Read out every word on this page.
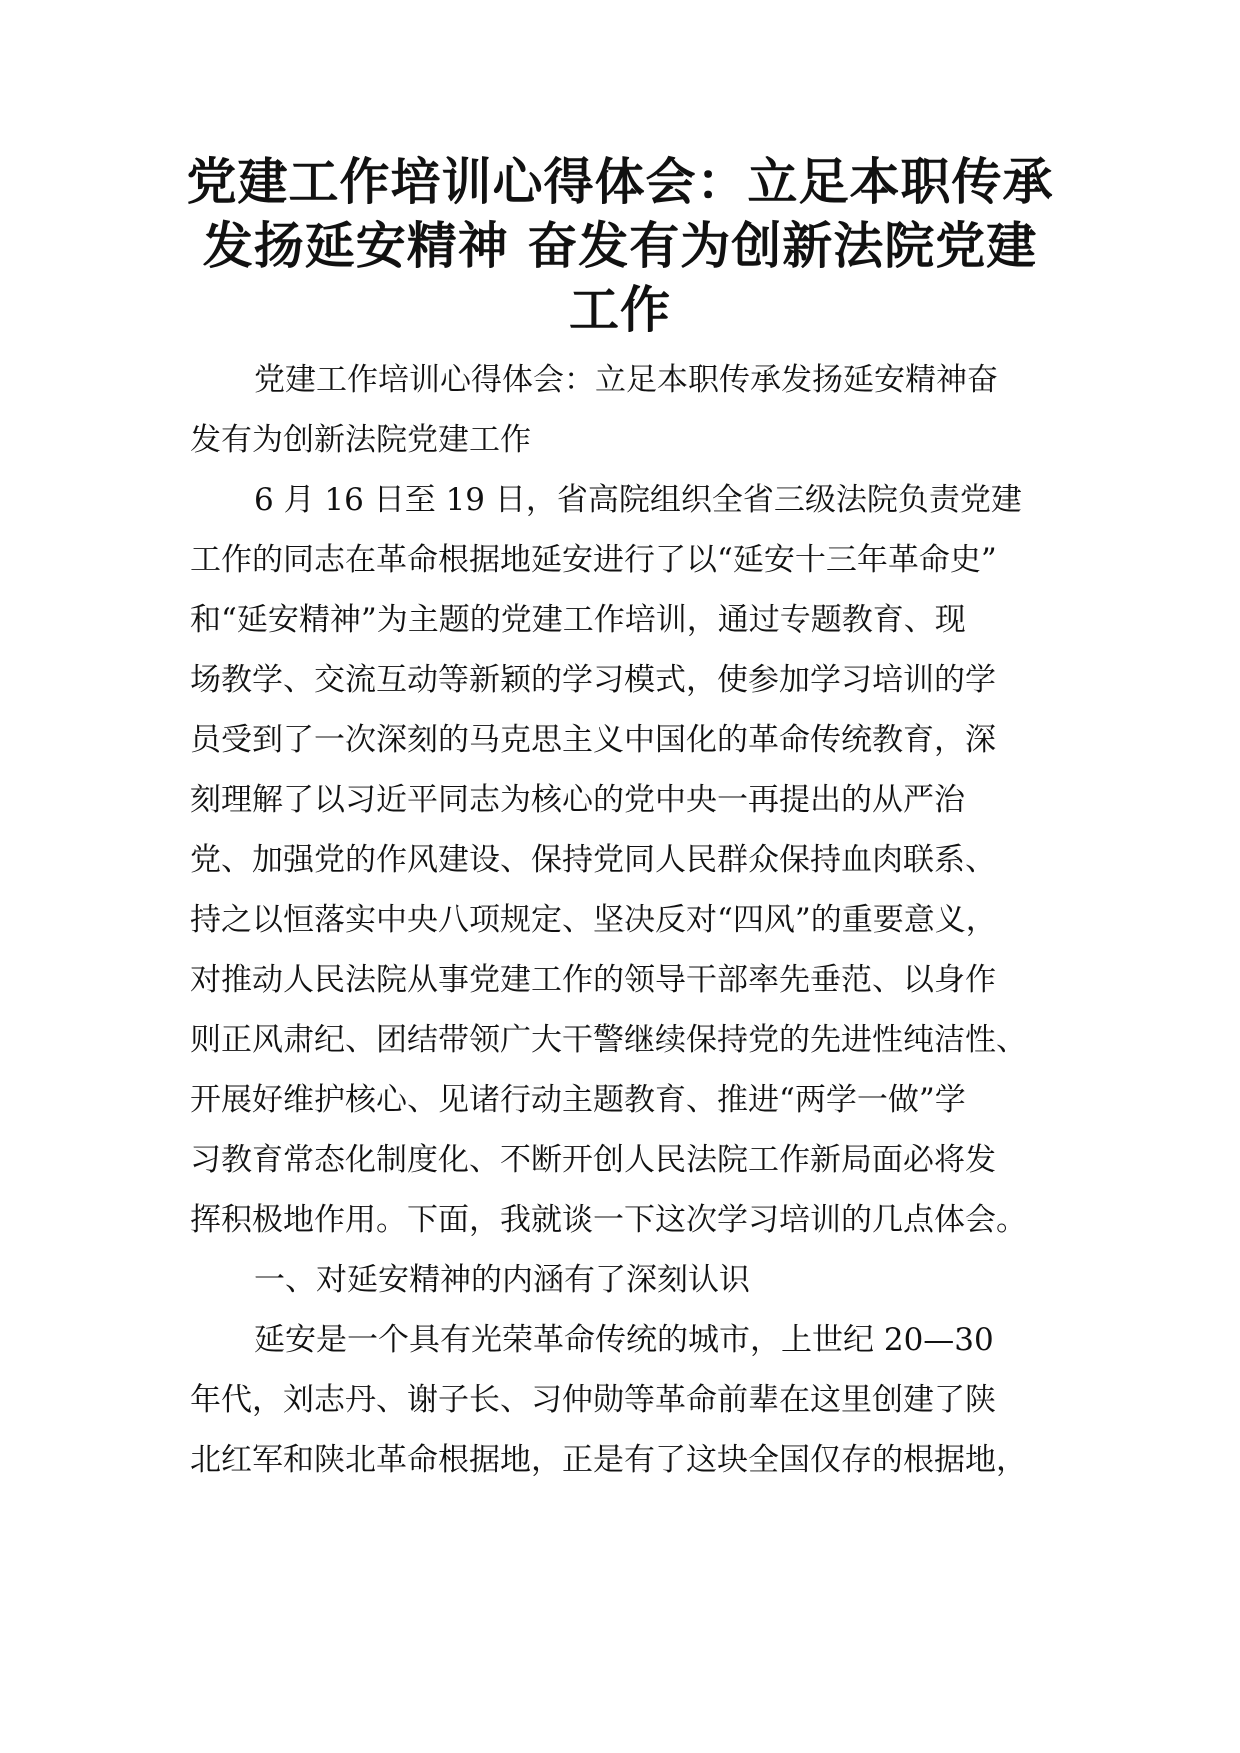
党建工作培训心得体会：立足本职传承
发扬延安精神 奋发有为创新法院党建
工作
党建工作培训心得体会：立足本职传承发扬延安精神奋
发有为创新法院党建工作
6 月 16 日至 19 日，省高院组织全省三级法院负责党建
工作的同志在革命根据地延安进行了以“延安十三年革命史”
和“延安精神”为主题的党建工作培训，通过专题教育、现
场教学、交流互动等新颖的学习模式，使参加学习培训的学
员受到了一次深刻的马克思主义中国化的革命传统教育，深
刻理解了以习近平同志为核心的党中央一再提出的从严治
党、加强党的作风建设、保持党同人民群众保持血肉联系、
持之以恒落实中央八项规定、坚决反对“四风”的重要意义，
对推动人民法院从事党建工作的领导干部率先垂范、以身作
则正风肃纪、团结带领广大干警继续保持党的先进性纯洁性、
开展好维护核心、见诸行动主题教育、推进“两学一做”学
习教育常态化制度化、不断开创人民法院工作新局面必将发
挥积极地作用。下面，我就谈一下这次学习培训的几点体会。
一、对延安精神的内涵有了深刻认识
延安是一个具有光荣革命传统的城市，上世纪 20—30
年代，刘志丹、谢子长、习仲勋等革命前辈在这里创建了陕
北红军和陕北革命根据地，正是有了这块全国仅存的根据地，
